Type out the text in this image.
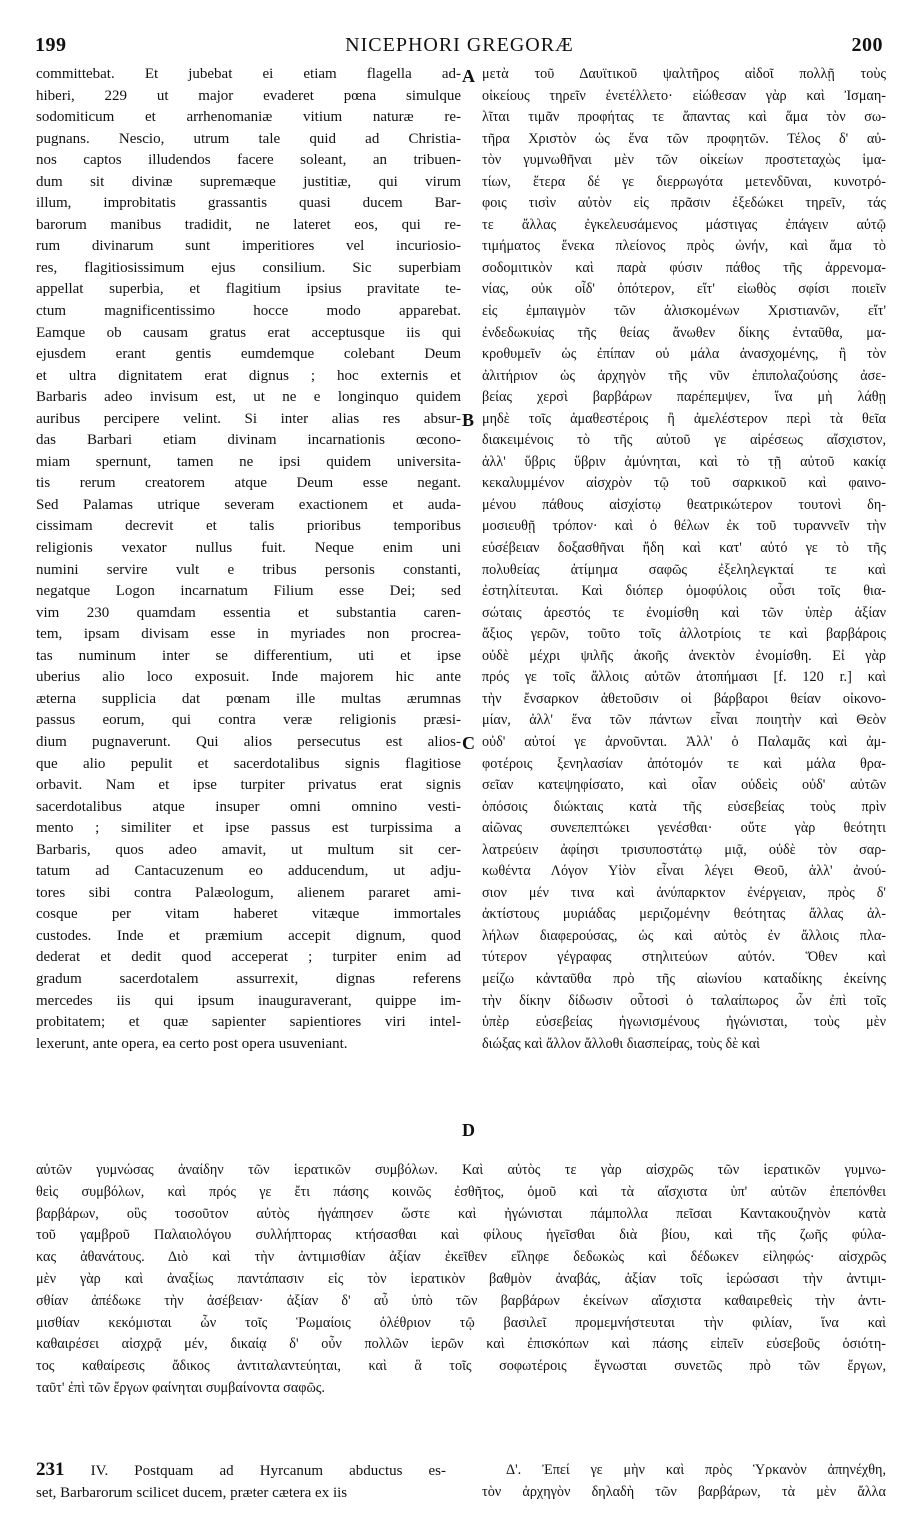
199	NICEPHORI GREGORÆ	200
committebat. Et jubebat ei etiam flagella ad-
hiberi, 229 ut major evaderet pœna simulque
sodomiticum et arrhenomaniæ vitium naturæ re-
pugnans. Nescio, utrum tale quid ad Christia-
nos captos illudendos facere soleant, an tribuen-
dum sit divinæ supremæque justitiæ, qui virum
illum, improbitatis grassantis quasi ducem Bar-
barorum manibus tradidit, ne lateret eos, qui re-
rum divinarum sunt imperitiores vel incuriosio-
res, flagitiosissimum ejus consilium. Sic superbiam
appellat superbia, et flagitium ipsius pravitate te-
ctum magnificentissimo hocce modo apparebat.
Eamque ob causam gratus erat acceptusque iis qui
ejusdem erant gentis eumdemque colebant Deum
et ultra dignitatem erat dignus ; hoc externis et
Barbaris adeo invisum est, ut ne e longinquo quidem
auribus percipere velint. Si inter alias res absur-
das Barbari etiam divinam incarnationis œcono-
miam spernunt, tamen ne ipsi quidem universita-
tis rerum creatorem atque Deum esse negant.
Sed Palamas utrique severam exactionem et auda-
cissimam decrevit et talis prioribus temporibus
religionis vexator nullus fuit. Neque enim uni
numini servire vult e tribus personis constanti,
negatque Logon incarnatum Filium esse Dei; sed
vim 230 quamdam essentia et substantia caren-
tem, ipsam divisam esse in myriades non procrea-
tas numinum inter se differentium, uti et ipse
uberius alio loco exposuit. Inde majorem hic ante
æterna supplicia dat pœnam ille multas ærumnas
passus eorum, qui contra veræ religionis præsi-
dium pugnaverunt. Qui alios persecutus est alios-
que alio pepulit et sacerdotalibus signis flagitiose
orbavit. Nam et ipse turpiter privatus erat signis
sacerdotalibus atque insuper omni omnino vesti-
mento ; similiter et ipse passus est turpissima a
Barbaris, quos adeo amavit, ut multum sit cer-
tatum ad Cantacuzenum eo adducendum, ut adju-
tores sibi contra Palæologum, alienem pararet ami-
cosque per vitam haberet vitæque immortales
custodes. Inde et præmium accepit dignum, quod
dederat et dedit quod acceperat ; turpiter enim ad
gradum sacerdotalem assurrexit, dignas referens
mercedes iis qui ipsum inauguraverant, quippe im-
probitatem; et quæ sapienter sapientiores viri intel-
lexerunt, ante opera, ea certo post opera usuveniant.
μετὰ τοῦ Δαυϊτικοῦ ψαλτῆρος αἰδοῖ πολλῇ τοὺς
οἰκείους τηρεῖν ἐνετέλλετο· εἰώθεσαν γὰρ καὶ Ἰσμαη-
λῖται τιμᾶν προφήτας τε ἅπαντας καὶ ἅμα τὸν σω-
τῆρα Χριστὸν ὡς ἕνα τῶν προφητῶν. Τέλος δ' αὐ-
τὸν γυμνωθῆναι μὲν τῶν οἰκείων προστεταχὼς ἱμα-
τίων, ἕτερα δέ γε διερρωγότα μετενδῦναι, κυνοτρό-
φοις τισὶν αὐτὸν εἰς πρᾶσιν ἐξεδώκει τηρεῖν, τάς
τε ἄλλας ἐγκελευσάμενος μάστιγας ἐπάγειν αὐτῷ
τιμήματος ἕνεκα πλείονος πρὸς ὠνήν, καὶ ἅμα τὸ
σοδομιτικὸν καὶ παρὰ φύσιν πάθος τῆς ἀρρενομα-
νίας, οὐκ οἶδ' ὁπότερον, εἴτ' εἰωθὸς σφίσι ποιεῖν
εἰς ἐμπαιγμὸν τῶν ἁλισκομένων Χριστιανῶν, εἴτ'
ἐνδεδωκυίας τῆς θείας ἄνωθεν δίκης ἐνταῦθα, μα-
κροθυμεῖν ὡς ἐπίπαν οὐ μάλα ἀνασχομένης, ἢ τὸν
ἀλιτήριον ὡς ἀρχηγὸν τῆς νῦν ἐπιπολαζούσης ἀσε-
βείας χερσὶ βαρβάρων παρέπεμψεν, ἵνα μὴ λάθῃ
μηδὲ τοῖς ἀμαθεστέροις ἢ ἀμελέστερον περὶ τὰ θεῖα
διακειμένοις τὸ τῆς αὐτοῦ γε αἱρέσεως αἴσχιστον,
ἀλλ' ὕβρις ὕβριν ἀμύνηται, καὶ τὸ τῇ αὐτοῦ κακίᾳ
κεκαλυμμένον αἰσχρὸν τῷ τοῦ σαρκικοῦ καὶ φαινο-
μένου πάθους αἰσχίστῳ θεατρικώτερον τουτονὶ δη-
μοσιευθῇ τρόπον· καὶ ὁ θέλων ἐκ τοῦ τυραννεῖν τὴν
εὐσέβειαν δοξασθῆναι ἤδη καὶ κατ' αὐτό γε τὸ τῆς
πολυθείας ἀτίμημα σαφῶς ἐξεληλεγκταί τε καὶ
ἐστηλίτευται. Καὶ διόπερ ὁμοφύλοις οὖσι τοῖς θια-
σώταις ἀρεστός τε ἐνομίσθη καὶ τῶν ὑπὲρ ἀξίαν
ἄξιος γερῶν, τοῦτο τοῖς ἀλλοτρίοις τε καὶ βαρβάροις
οὐδὲ μέχρι ψιλῆς ἀκοῆς ἀνεκτὸν ἐνομίσθη. Εἰ γὰρ
πρός γε τοῖς ἄλλοις αὐτῶν ἀτοπήμασι [f. 120 r.] καὶ
τὴν ἔνσαρκον ἀθετοῦσιν οἱ βάρβαροι θείαν οἰκονο-
μίαν, ἀλλ' ἕνα τῶν πάντων εἶναι ποιητὴν καὶ Θεὸν
οὐδ' αὐτοί γε ἀρνοῦνται. Ἀλλ' ὁ Παλαμᾶς καὶ ἀμ-
φοτέροις ξενηλασίαν ἀπότομόν τε καὶ μάλα θρα-
σεῖαν κατεψηφίσατο, καὶ οἷαν οὐδεὶς οὐδ' αὐτῶν
ὁπόσοις διώκταις κατὰ τῆς εὐσεβείας τοὺς πρὶν
αἰῶνας συνεπεπτώκει γενέσθαι· οὔτε γὰρ θεότητι
λατρεύειν ἀφίησι τρισυποστάτῳ μιᾷ, οὐδὲ τὸν σαρ-
κωθέντα Λόγον Υἱὸν εἶναι λέγει Θεοῦ, ἀλλ' ἀνού-
σιον μέν τινα καὶ ἀνύπαρκτον ἐνέργειαν, πρὸς δ'
ἀκτίστους μυριάδας μεριζομένην θεότητας ἄλλας ἀλ-
λήλων διαφερούσας, ὡς καὶ αὐτὸς ἐν ἄλλοις πλα-
τύτερον γέγραφας στηλιτεύων αὐτόν. Ὅθεν καὶ
μείζω κἀνταῦθα πρὸ τῆς αἰωνίου καταδίκης ἐκείνης
τὴν δίκην δίδωσιν οὗτοσὶ ὁ ταλαίπωρος ὧν ἐπὶ τοῖς
ὑπὲρ εὐσεβείας ἠγωνισμένους ἠγώνισται, τοὺς μὲν
διώξας καὶ ἄλλον ἄλλοθι διασπείρας, τοὺς δὲ καὶ
A
B
C
D
αὐτῶν γυμνώσας ἀναίδην τῶν ἱερατικῶν συμβόλων. Καὶ αὐτὸς τε γὰρ αἰσχρῶς τῶν ἱερατικῶν γυμνω-
θεὶς συμβόλων, καὶ πρός γε ἔτι πάσης κοινῶς ἐσθῆτος, ὁμοῦ καὶ τὰ αἴσχιστα ὑπ' αὐτῶν ἐπεπόνθει
βαρβάρων, οὓς τοσοῦτον αὐτὸς ἠγάπησεν ὥστε καὶ ἠγώνισται πάμπολλα πεῖσαι Καντακουζηνὸν κατὰ
τοῦ γαμβροῦ Παλαιολόγου συλλήπτορας κτήσασθαι καὶ φίλους ἡγεῖσθαι διὰ βίου, καὶ τῆς ζωῆς φύλα-
κας ἀθανάτους. Διὸ καὶ τὴν ἀντιμισθίαν ἀξίαν ἐκεῖθεν εἴληφε δεδωκὼς καὶ δέδωκεν εἰληφώς· αἰσχρῶς
μὲν γὰρ καὶ ἀναξίως παντάπασιν εἰς τὸν ἱερατικὸν βαθμὸν ἀναβάς, ἀξίαν τοῖς ἱερώσασι τὴν ἀντιμι-
σθίαν ἀπέδωκε τὴν ἀσέβειαν· ἀξίαν δ' αὖ ὑπὸ τῶν βαρβάρων ἐκείνων αἴσχιστα καθαιρεθεὶς τὴν ἀντι-
μισθίαν κεκόμισται ὧν τοῖς Ῥωμαίοις ὀλέθριον τῷ βασιλεῖ προμεμνήστευται τὴν φιλίαν, ἵνα καὶ
καθαιρέσει αἰσχρᾷ μέν, δικαίᾳ δ' οὖν πολλῶν ἱερῶν καὶ ἐπισκόπων καὶ πάσης εἰπεῖν εὐσεβοῦς ὁσιότη-
τος καθαίρεσις ἄδικος ἀντιταλαντεύηται, καὶ ἃ τοῖς σοφωτέροις ἔγνωσται συνετῶς πρὸ τῶν ἔργων,
ταῦτ' ἐπὶ τῶν ἔργων φαίνηται συμβαίνοντα σαφῶς.
231 IV. Postquam ad Hyrcanum abductus es-
set, Barbarorum scilicet ducem, præter cætera ex iis
Δ'. Ἐπεί γε μὴν καὶ πρὸς Ὑρκανὸν ἀπηνέχθη,
τὸν ἀρχηγὸν δηλαδὴ τῶν βαρβάρων, τὰ μὲν ἄλλα
